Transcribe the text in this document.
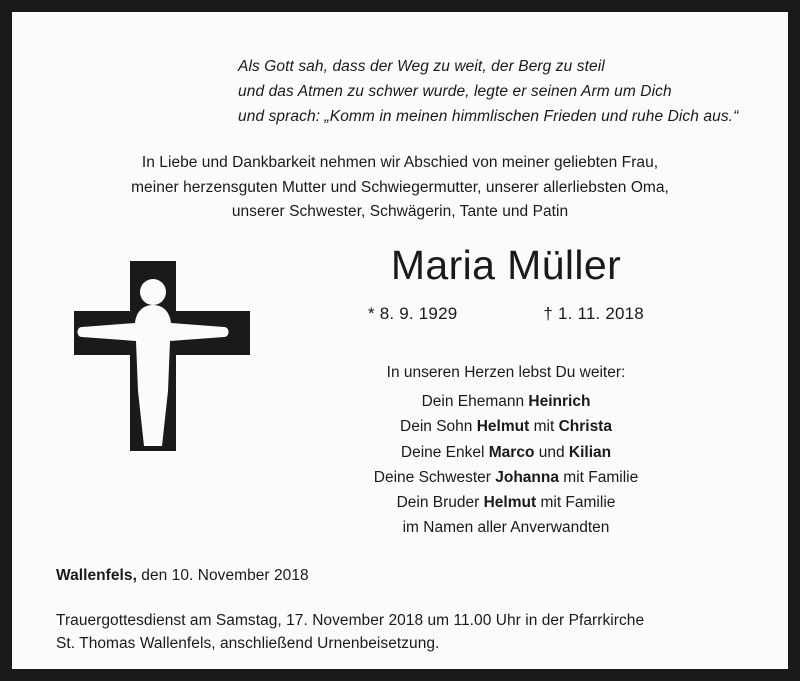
Als Gott sah, dass der Weg zu weit, der Berg zu steil
und das Atmen zu schwer wurde, legte er seinen Arm um Dich
und sprach: „Komm in meinen himmlischen Frieden und ruhe Dich aus.“
In Liebe und Dankbarkeit nehmen wir Abschied von meiner geliebten Frau,
meiner herzensguten Mutter und Schwiegermutter, unserer allerliebsten Oma,
unserer Schwester, Schwägerin, Tante und Patin
Maria Müller
* 8. 9. 1929	† 1. 11. 2018
In unseren Herzen lebst Du weiter:
Dein Ehemann Heinrich
Dein Sohn Helmut mit Christa
Deine Enkel Marco und Kilian
Deine Schwester Johanna mit Familie
Dein Bruder Helmut mit Familie
im Namen aller Anverwandten
Wallenfels, den 10. November 2018
Trauergottesdienst am Samstag, 17. November 2018 um 11.00 Uhr in der Pfarrkirche
St. Thomas Wallenfels, anschließend Urnenbeisetzung.
